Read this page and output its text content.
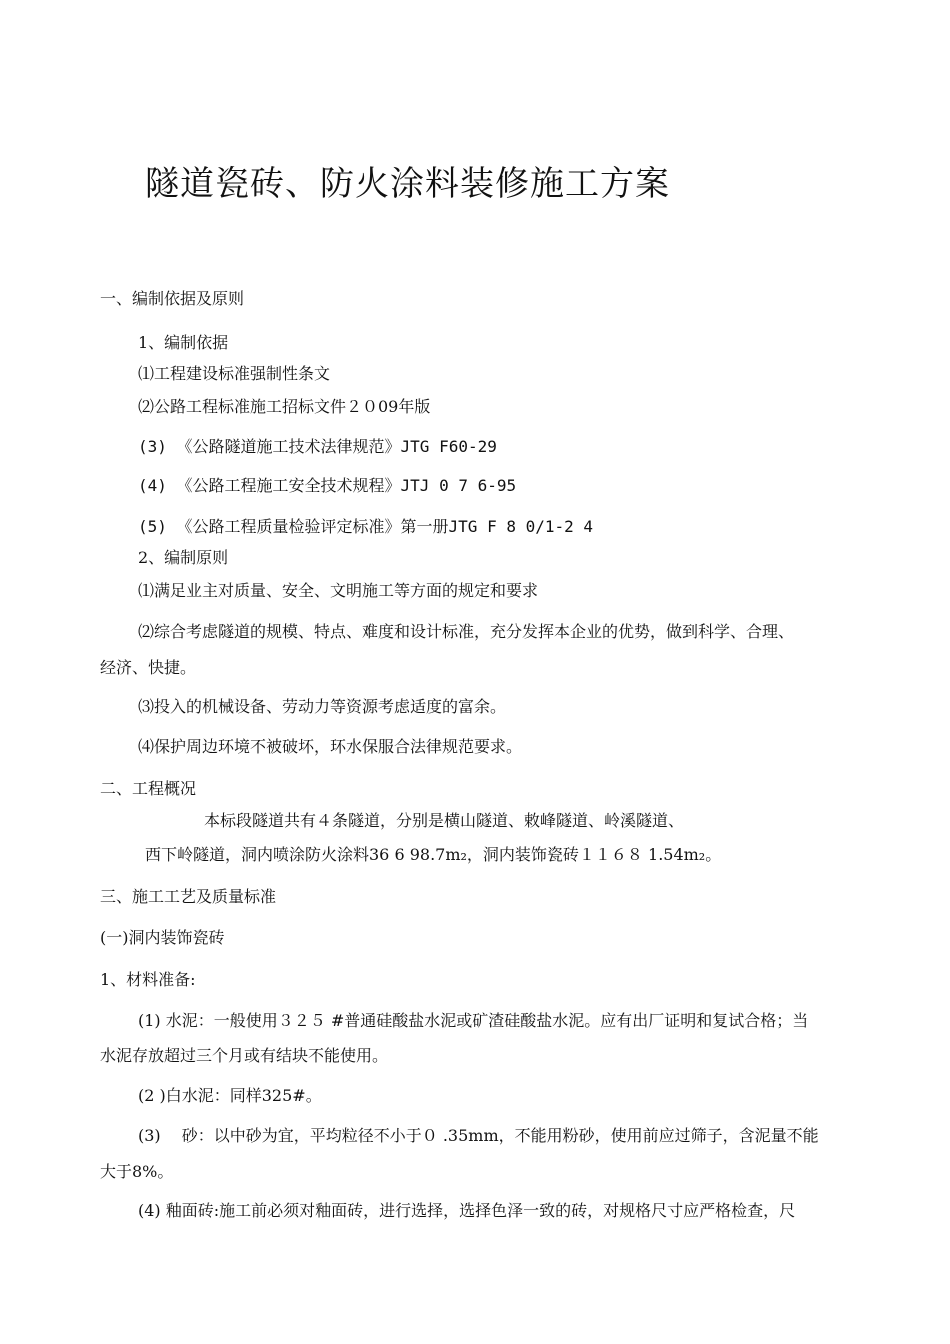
隧道瓷砖、防火涂料装修施工方案
一、编制依据及原则
1、编制依据
⑴工程建设标准强制性条文
⑵公路工程标准施工招标文件２０09年版
(3) 《公路隧道施工技术法律规范》JTG F60-29
(4) 《公路工程施工安全技术规程》JTJ 0 7 6-95
(5) 《公路工程质量检验评定标准》第一册JTG F 8 0/1-2 4
2、编制原则
⑴满足业主对质量、安全、文明施工等方面的规定和要求
⑵综合考虑隧道的规模、特点、难度和设计标准，充分发挥本企业的优势，做到科学、合理、
经济、快捷。
⑶投入的机械设备、劳动力等资源考虑适度的富余。
⑷保护周边环境不被破坏，环水保服合法律规范要求。
二、工程概况
本标段隧道共有４条隧道，分别是横山隧道、敕峰隧道、岭溪隧道、
西下岭隧道，洞内喷涂防火涂料36 6 98.7m₂，洞内装饰瓷砖１１６８ 1.54m₂。
三、施工工艺及质量标准
(一)洞内装饰瓷砖
1、材料准备:
(1) 水泥：一般使用３２５ #普通硅酸盐水泥或矿渣硅酸盐水泥。应有出厂证明和复试合格；当
水泥存放超过三个月或有结块不能使用。
(2 )白水泥：同样325#。
(3)　 砂：以中砂为宜，平均粒径不小于０ .35mm，不能用粉砂，使用前应过筛子，含泥量不能
大于8%。
(4) 釉面砖:施工前必须对釉面砖，进行选择，选择色泽一致的砖，对规格尺寸应严格检查，尺
